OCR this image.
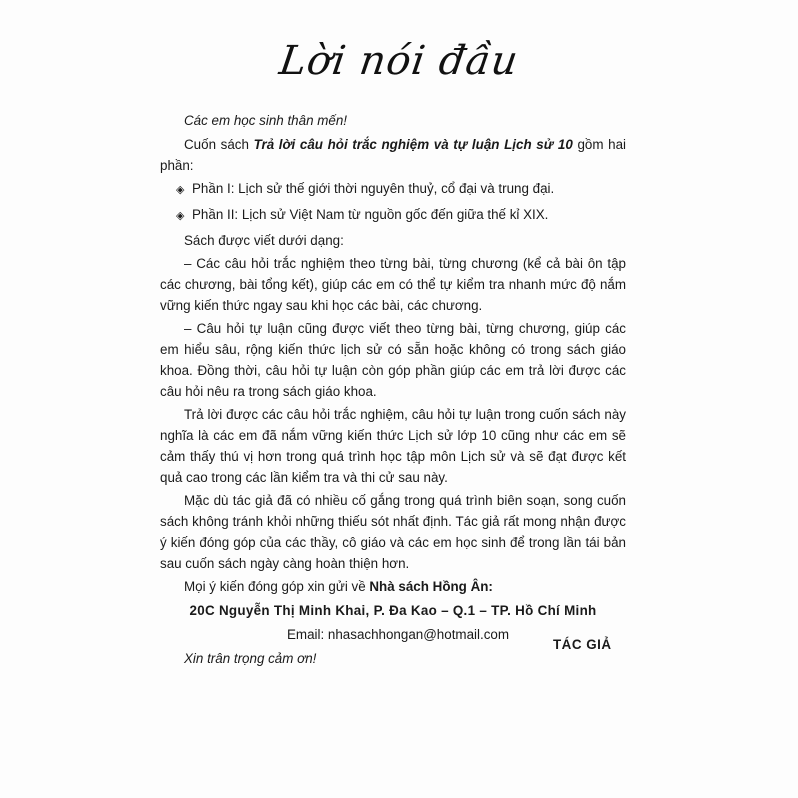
Lời nói đầu

Các em học sinh thân mến!

Cuốn sách Trả lời câu hỏi trắc nghiệm và tự luận Lịch sử 10 gồm hai phần:

◈ Phần I: Lịch sử thế giới thời nguyên thuỷ, cổ đại và trung đại.
◈ Phần II: Lịch sử Việt Nam từ nguồn gốc đến giữa thế kỉ XIX.

Sách được viết dưới dạng:

– Các câu hỏi trắc nghiệm theo từng bài, từng chương (kể cả bài ôn tập các chương, bài tổng kết), giúp các em có thể tự kiểm tra nhanh mức độ nắm vững kiến thức ngay sau khi học các bài, các chương.

– Câu hỏi tự luận cũng được viết theo từng bài, từng chương, giúp các em hiểu sâu, rộng kiến thức lịch sử có sẵn hoặc không có trong sách giáo khoa. Đồng thời, câu hỏi tự luận còn góp phần giúp các em trả lời được các câu hỏi nêu ra trong sách giáo khoa.

Trả lời được các câu hỏi trắc nghiệm, câu hỏi tự luận trong cuốn sách này nghĩa là các em đã nắm vững kiến thức Lịch sử lớp 10 cũng như các em sẽ cảm thấy thú vị hơn trong quá trình học tập môn Lịch sử và sẽ đạt được kết quả cao trong các lần kiểm tra và thi cử sau này.

Mặc dù tác giả đã có nhiều cố gắng trong quá trình biên soạn, song cuốn sách không tránh khỏi những thiếu sót nhất định. Tác giả rất mong nhận được ý kiến đóng góp của các thầy, cô giáo và các em học sinh để trong lần tái bản sau cuốn sách ngày càng hoàn thiện hơn.

Mọi ý kiến đóng góp xin gửi về Nhà sách Hồng Ân:

20C Nguyễn Thị Minh Khai, P. Đa Kao – Q.1 – TP. Hồ Chí Minh
Email: nhasachhongan@hotmail.com

Xin trân trọng cảm ơn!

TÁC GIẢ
